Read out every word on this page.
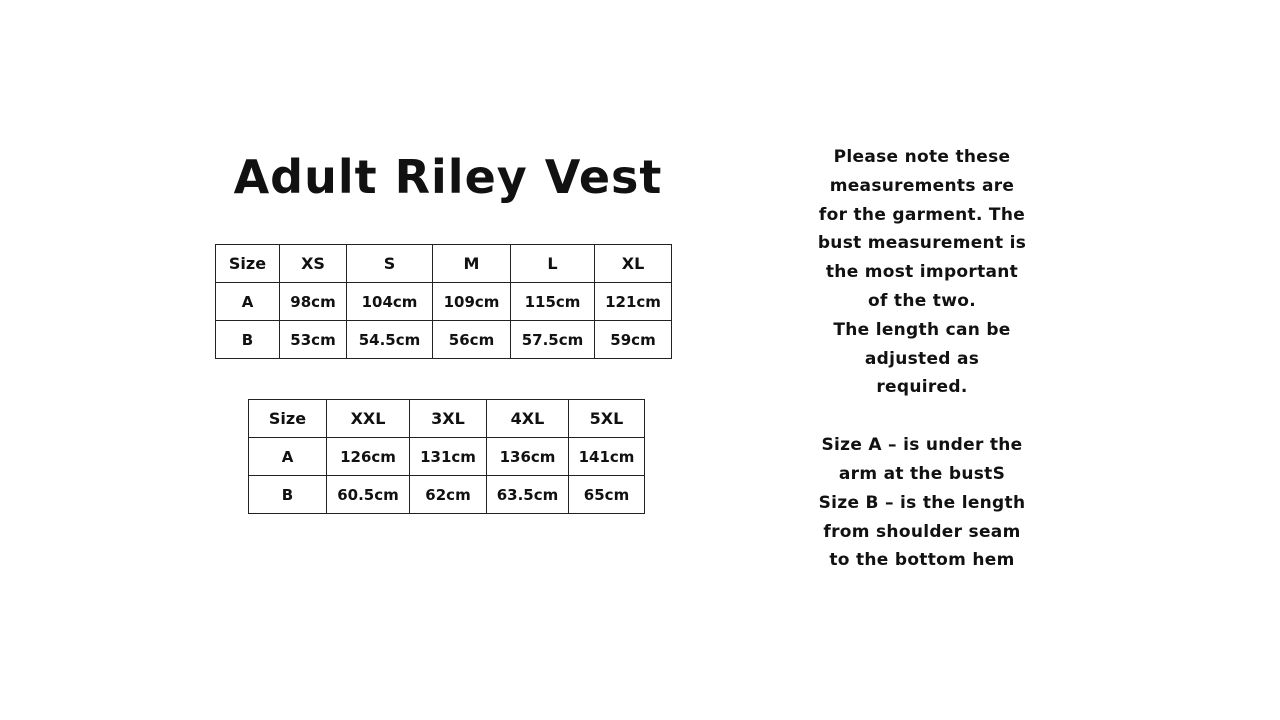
Adult Riley Vest
Size	XS	S	M	L	XL
A	98cm	104cm	109cm	115cm	121cm
B	53cm	54.5cm	56cm	57.5cm	59cm
Size	XXL	3XL	4XL	5XL
A	126cm	131cm	136cm	141cm
B	60.5cm	62cm	63.5cm	65cm

Please note these
measurements are
for the garment. The
bust measurement is
the most important
of the two.
The length can be
adjusted as
required.

Size A – is under the
arm at the bustS
Size B – is the length
from shoulder seam
to the bottom hem
